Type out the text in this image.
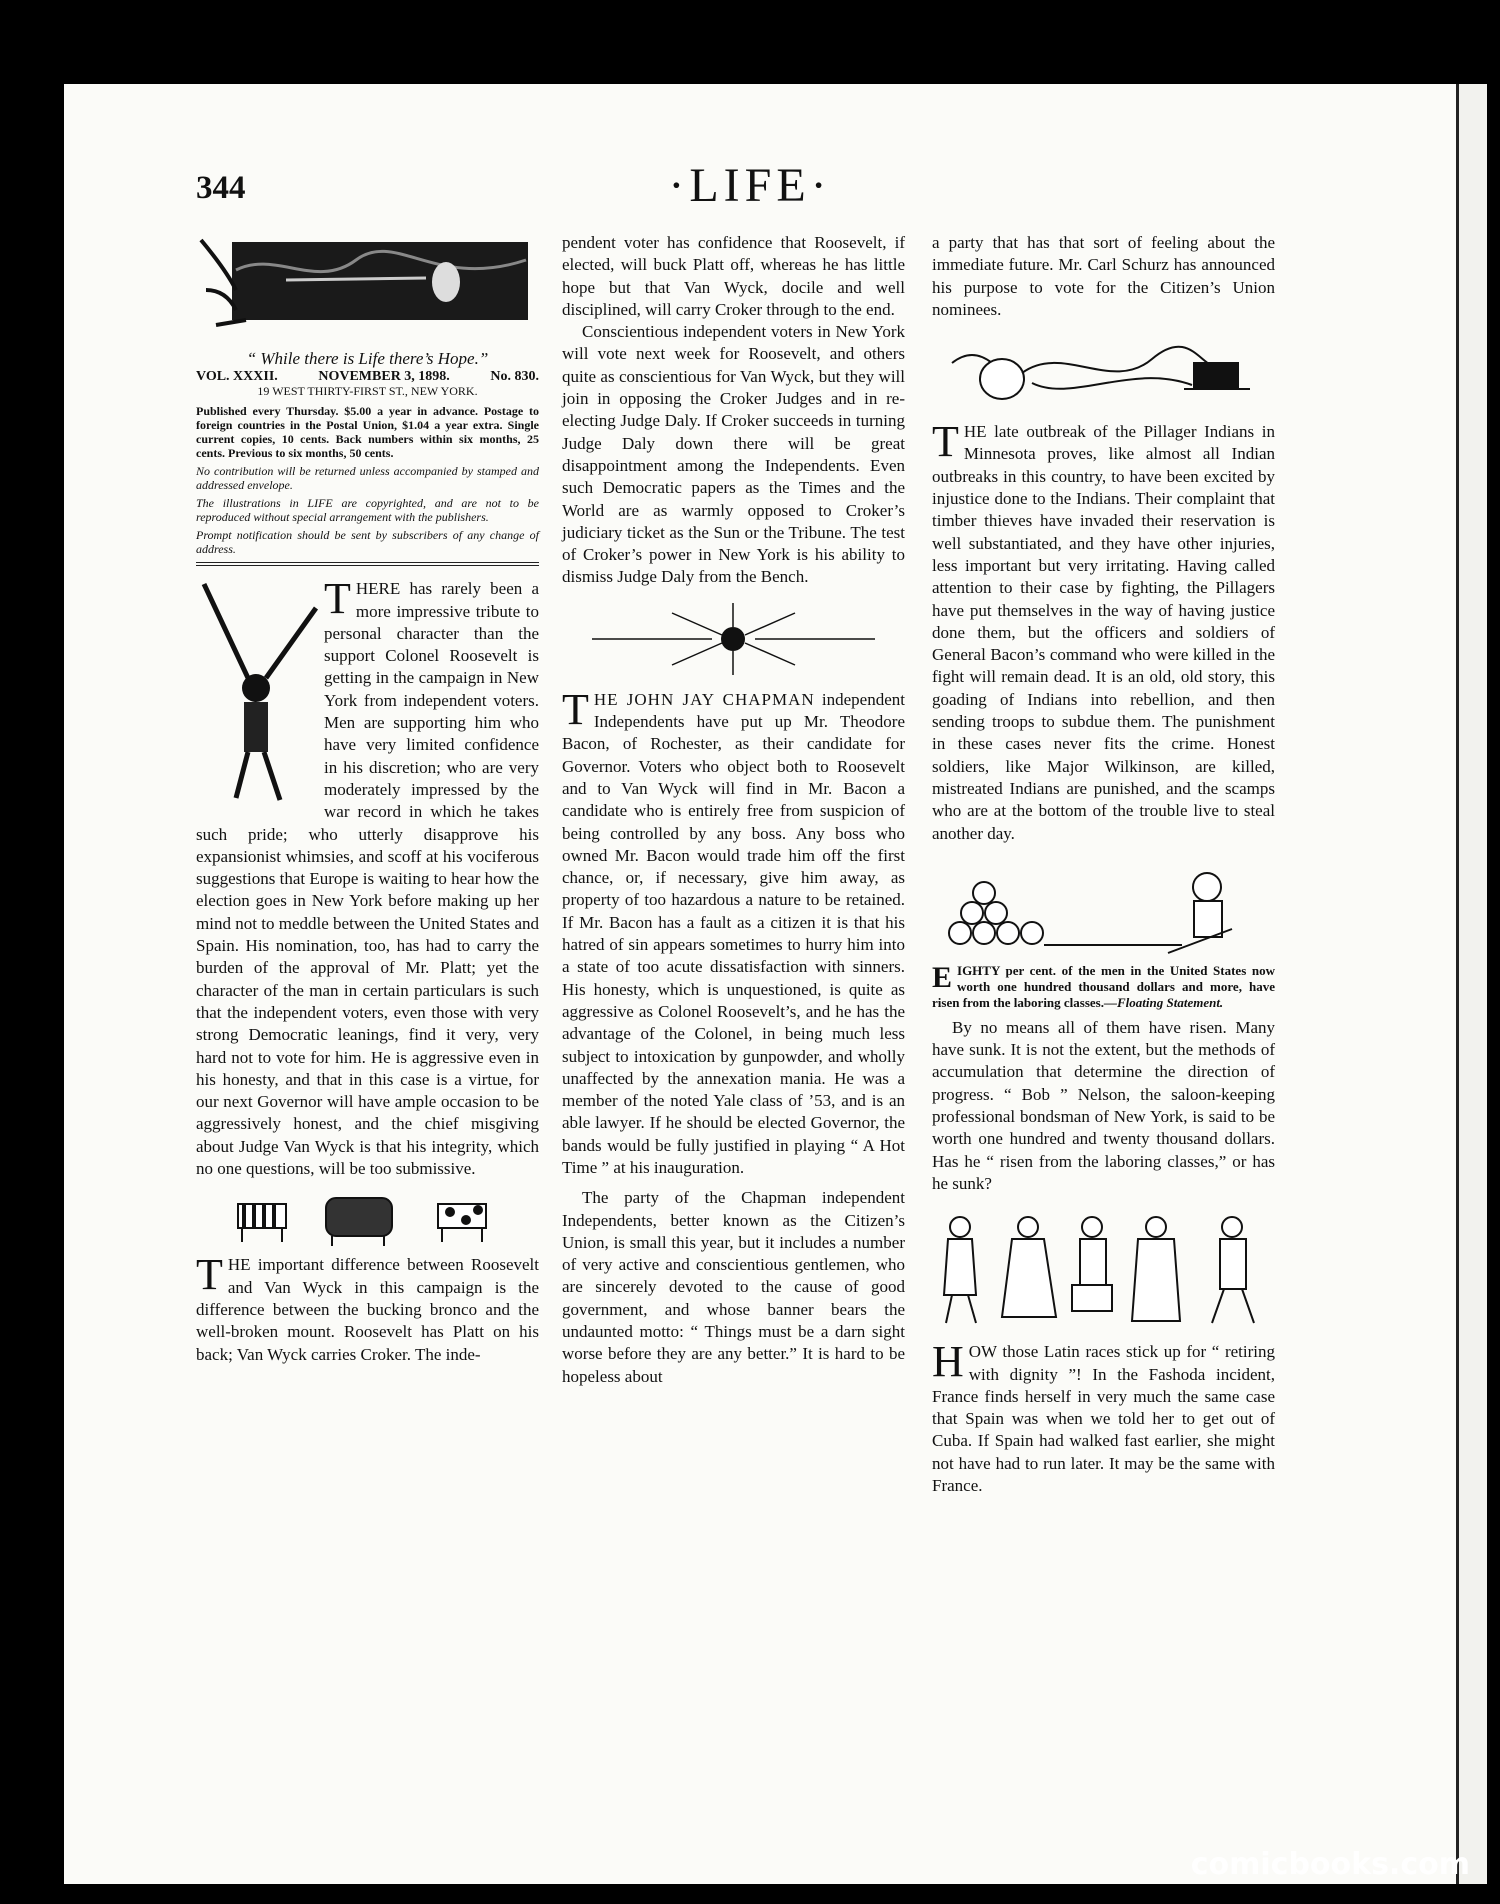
344	·LIFE·

“ While there is Life there’s Hope.”

VOL. XXXII.	NOVEMBER 3, 1898.	No. 830.

19 WEST THIRTY-FIRST ST., NEW YORK.

Published every Thursday. $5.00 a year in advance. Postage to foreign countries in the Postal Union, $1.04 a year extra. Single current copies, 10 cents. Back numbers within six months, 25 cents. Previous to six months, 50 cents.

No contribution will be returned unless accompanied by stamped and addressed envelope.

The illustrations in LIFE are copyrighted, and are not to be reproduced without special arrangement with the publishers.

Prompt notification should be sent by subscribers of any change of address.

THERE has rarely been a more impressive tribute to personal character than the support Colonel Roosevelt is getting in the campaign in New York from independent voters. Men are supporting him who have very limited confidence in his discretion; who are very moderately impressed by the war record in which he takes such pride; who utterly disapprove his expansionist whimsies, and scoff at his vociferous suggestions that Europe is waiting to hear how the election goes in New York before making up her mind not to meddle between the United States and Spain. His nomination, too, has had to carry the burden of the approval of Mr. Platt; yet the character of the man in certain particulars is such that the independent voters, even those with very strong Democratic leanings, find it very, very hard not to vote for him. He is aggressive even in his honesty, and that in this case is a virtue, for our next Governor will have ample occasion to be aggressively honest, and the chief misgiving about Judge Van Wyck is that his integrity, which no one questions, will be too submissive.

THE important difference between Roosevelt and Van Wyck in this campaign is the difference between the bucking bronco and the well-broken mount. Roosevelt has Platt on his back; Van Wyck carries Croker. The inde-

pendent voter has confidence that Roosevelt, if elected, will buck Platt off, whereas he has little hope but that Van Wyck, docile and well disciplined, will carry Croker through to the end.

Conscientious independent voters in New York will vote next week for Roosevelt, and others quite as conscientious for Van Wyck, but they will join in opposing the Croker Judges and in re-electing Judge Daly. If Croker succeeds in turning Judge Daly down there will be great disappointment among the Independents. Even such Democratic papers as the Times and the World are as warmly opposed to Croker’s judiciary ticket as the Sun or the Tribune. The test of Croker’s power in New York is his ability to dismiss Judge Daly from the Bench.

THE JOHN JAY CHAPMAN independent Independents have put up Mr. Theodore Bacon, of Rochester, as their candidate for Governor. Voters who object both to Roosevelt and to Van Wyck will find in Mr. Bacon a candidate who is entirely free from suspicion of being controlled by any boss. Any boss who owned Mr. Bacon would trade him off the first chance, or, if necessary, give him away, as property of too hazardous a nature to be retained. If Mr. Bacon has a fault as a citizen it is that his hatred of sin appears sometimes to hurry him into a state of too acute dissatisfaction with sinners. His honesty, which is unquestioned, is quite as aggressive as Colonel Roosevelt’s, and he has the advantage of the Colonel, in being much less subject to intoxication by gunpowder, and wholly unaffected by the annexation mania. He was a member of the noted Yale class of ’53, and is an able lawyer. If he should be elected Governor, the bands would be fully justified in playing “ A Hot Time ” at his inauguration.

The party of the Chapman independent Independents, better known as the Citizen’s Union, is small this year, but it includes a number of very active and conscientious gentlemen, who are sincerely devoted to the cause of good government, and whose banner bears the undaunted motto: “ Things must be a darn sight worse before they are any better.” It is hard to be hopeless about

a party that has that sort of feeling about the immediate future. Mr. Carl Schurz has announced his purpose to vote for the Citizen’s Union nominees.

THE late outbreak of the Pillager Indians in Minnesota proves, like almost all Indian outbreaks in this country, to have been excited by injustice done to the Indians. Their complaint that timber thieves have invaded their reservation is well substantiated, and they have other injuries, less important but very irritating. Having called attention to their case by fighting, the Pillagers have put themselves in the way of having justice done them, but the officers and soldiers of General Bacon’s command who were killed in the fight will remain dead. It is an old, old story, this goading of Indians into rebellion, and then sending troops to subdue them. The punishment in these cases never fits the crime. Honest soldiers, like Major Wilkinson, are killed, mistreated Indians are punished, and the scamps who are at the bottom of the trouble live to steal another day.

EIGHTY per cent. of the men in the United States now worth one hundred thousand dollars and more, have risen from the laboring classes.—Floating Statement.

By no means all of them have risen. Many have sunk. It is not the extent, but the methods of accumulation that determine the direction of progress. “ Bob ” Nelson, the saloon-keeping professional bondsman of New York, is said to be worth one hundred and twenty thousand dollars. Has he “ risen from the laboring classes,” or has he sunk?

HOW those Latin races stick up for “ retiring with dignity ”! In the Fashoda incident, France finds herself in very much the same case that Spain was when we told her to get out of Cuba. If Spain had walked fast earlier, she might not have had to run later. It may be the same with France.

comicbooks.com
